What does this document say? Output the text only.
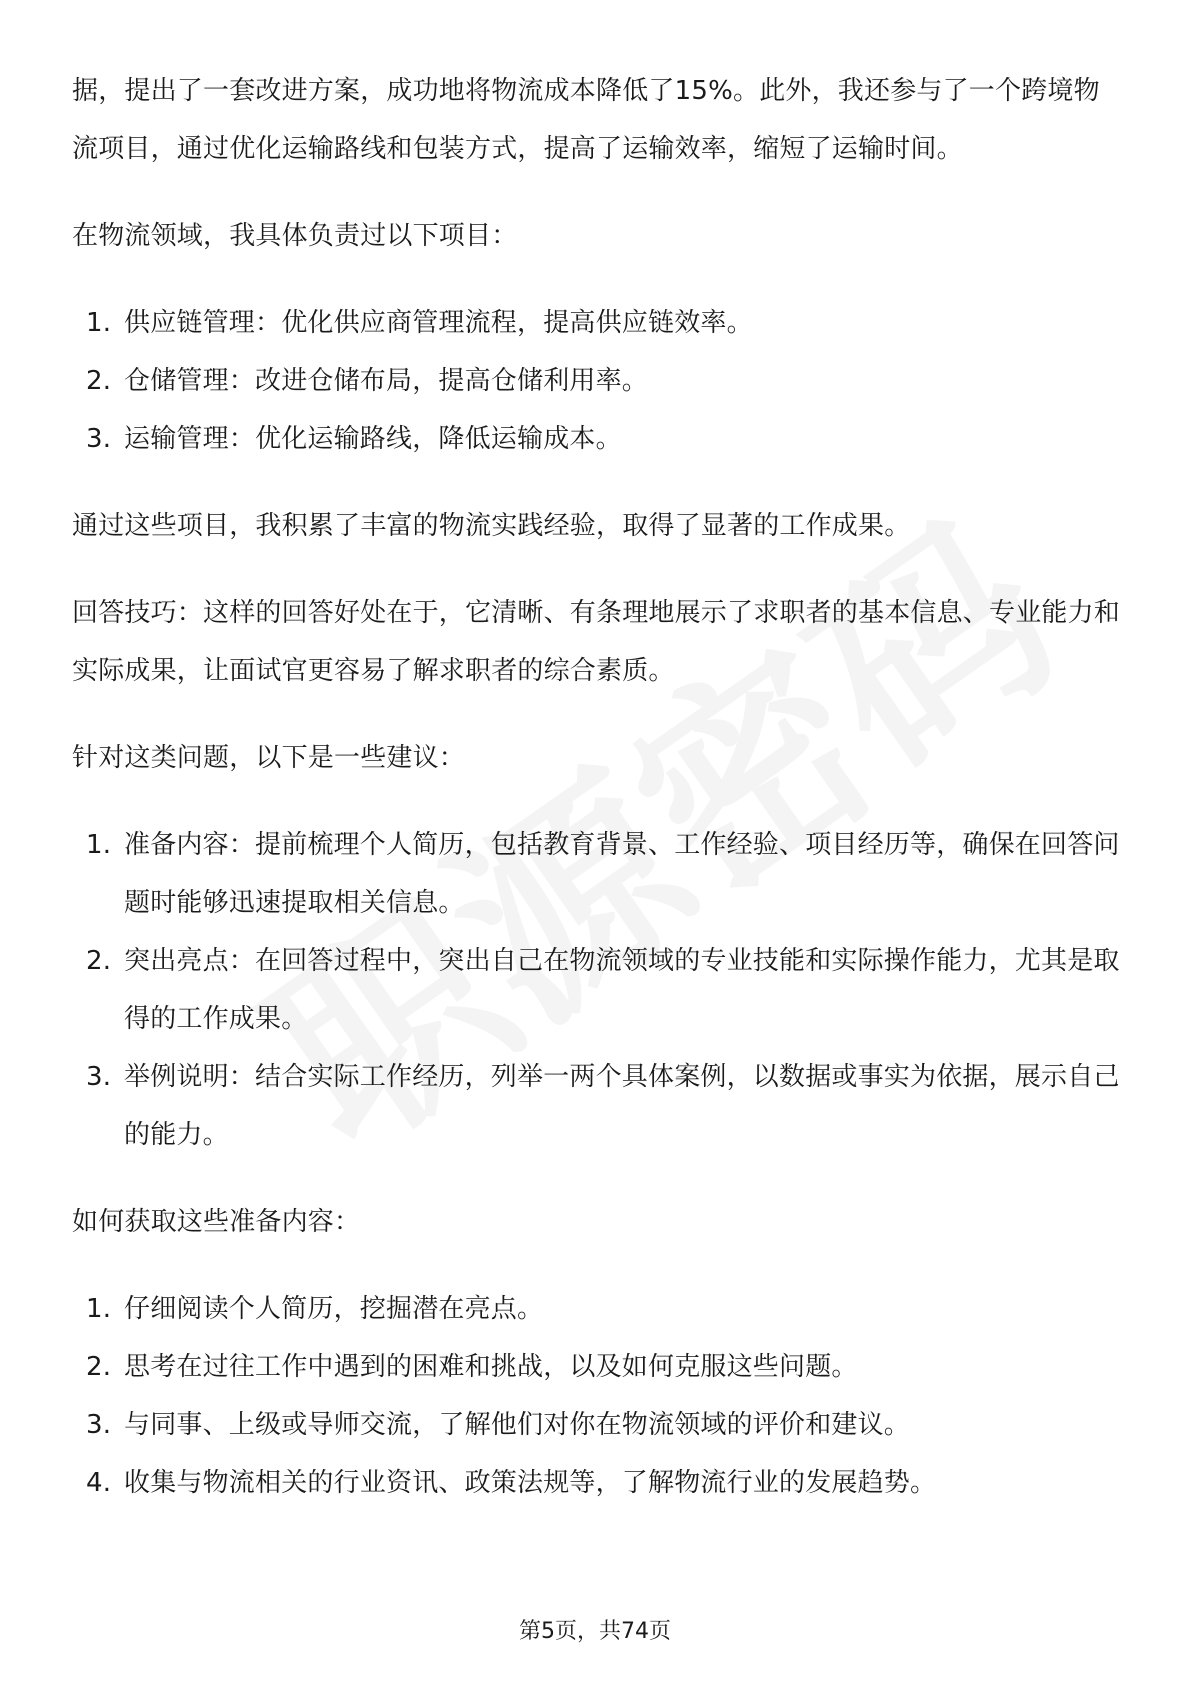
据，提出了一套改进方案，成功地将物流成本降低了15%。此外，我还参与了一个跨境物流项目，通过优化运输路线和包装方式，提高了运输效率，缩短了运输时间。

在物流领域，我具体负责过以下项目：

1. 供应链管理：优化供应商管理流程，提高供应链效率。
2. 仓储管理：改进仓储布局，提高仓储利用率。
3. 运输管理：优化运输路线，降低运输成本。

通过这些项目，我积累了丰富的物流实践经验，取得了显著的工作成果。

回答技巧：这样的回答好处在于，它清晰、有条理地展示了求职者的基本信息、专业能力和实际成果，让面试官更容易了解求职者的综合素质。

针对这类问题，以下是一些建议：

1. 准备内容：提前梳理个人简历，包括教育背景、工作经验、项目经历等，确保在回答问题时能够迅速提取相关信息。
2. 突出亮点：在回答过程中，突出自己在物流领域的专业技能和实际操作能力，尤其是取得的工作成果。
3. 举例说明：结合实际工作经历，列举一两个具体案例，以数据或事实为依据，展示自己的能力。

如何获取这些准备内容：

1. 仔细阅读个人简历，挖掘潜在亮点。
2. 思考在过往工作中遇到的困难和挑战，以及如何克服这些问题。
3. 与同事、上级或导师交流，了解他们对你在物流领域的评价和建议。
4. 收集与物流相关的行业资讯、政策法规等，了解物流行业的发展趋势。
第5页，共74页
